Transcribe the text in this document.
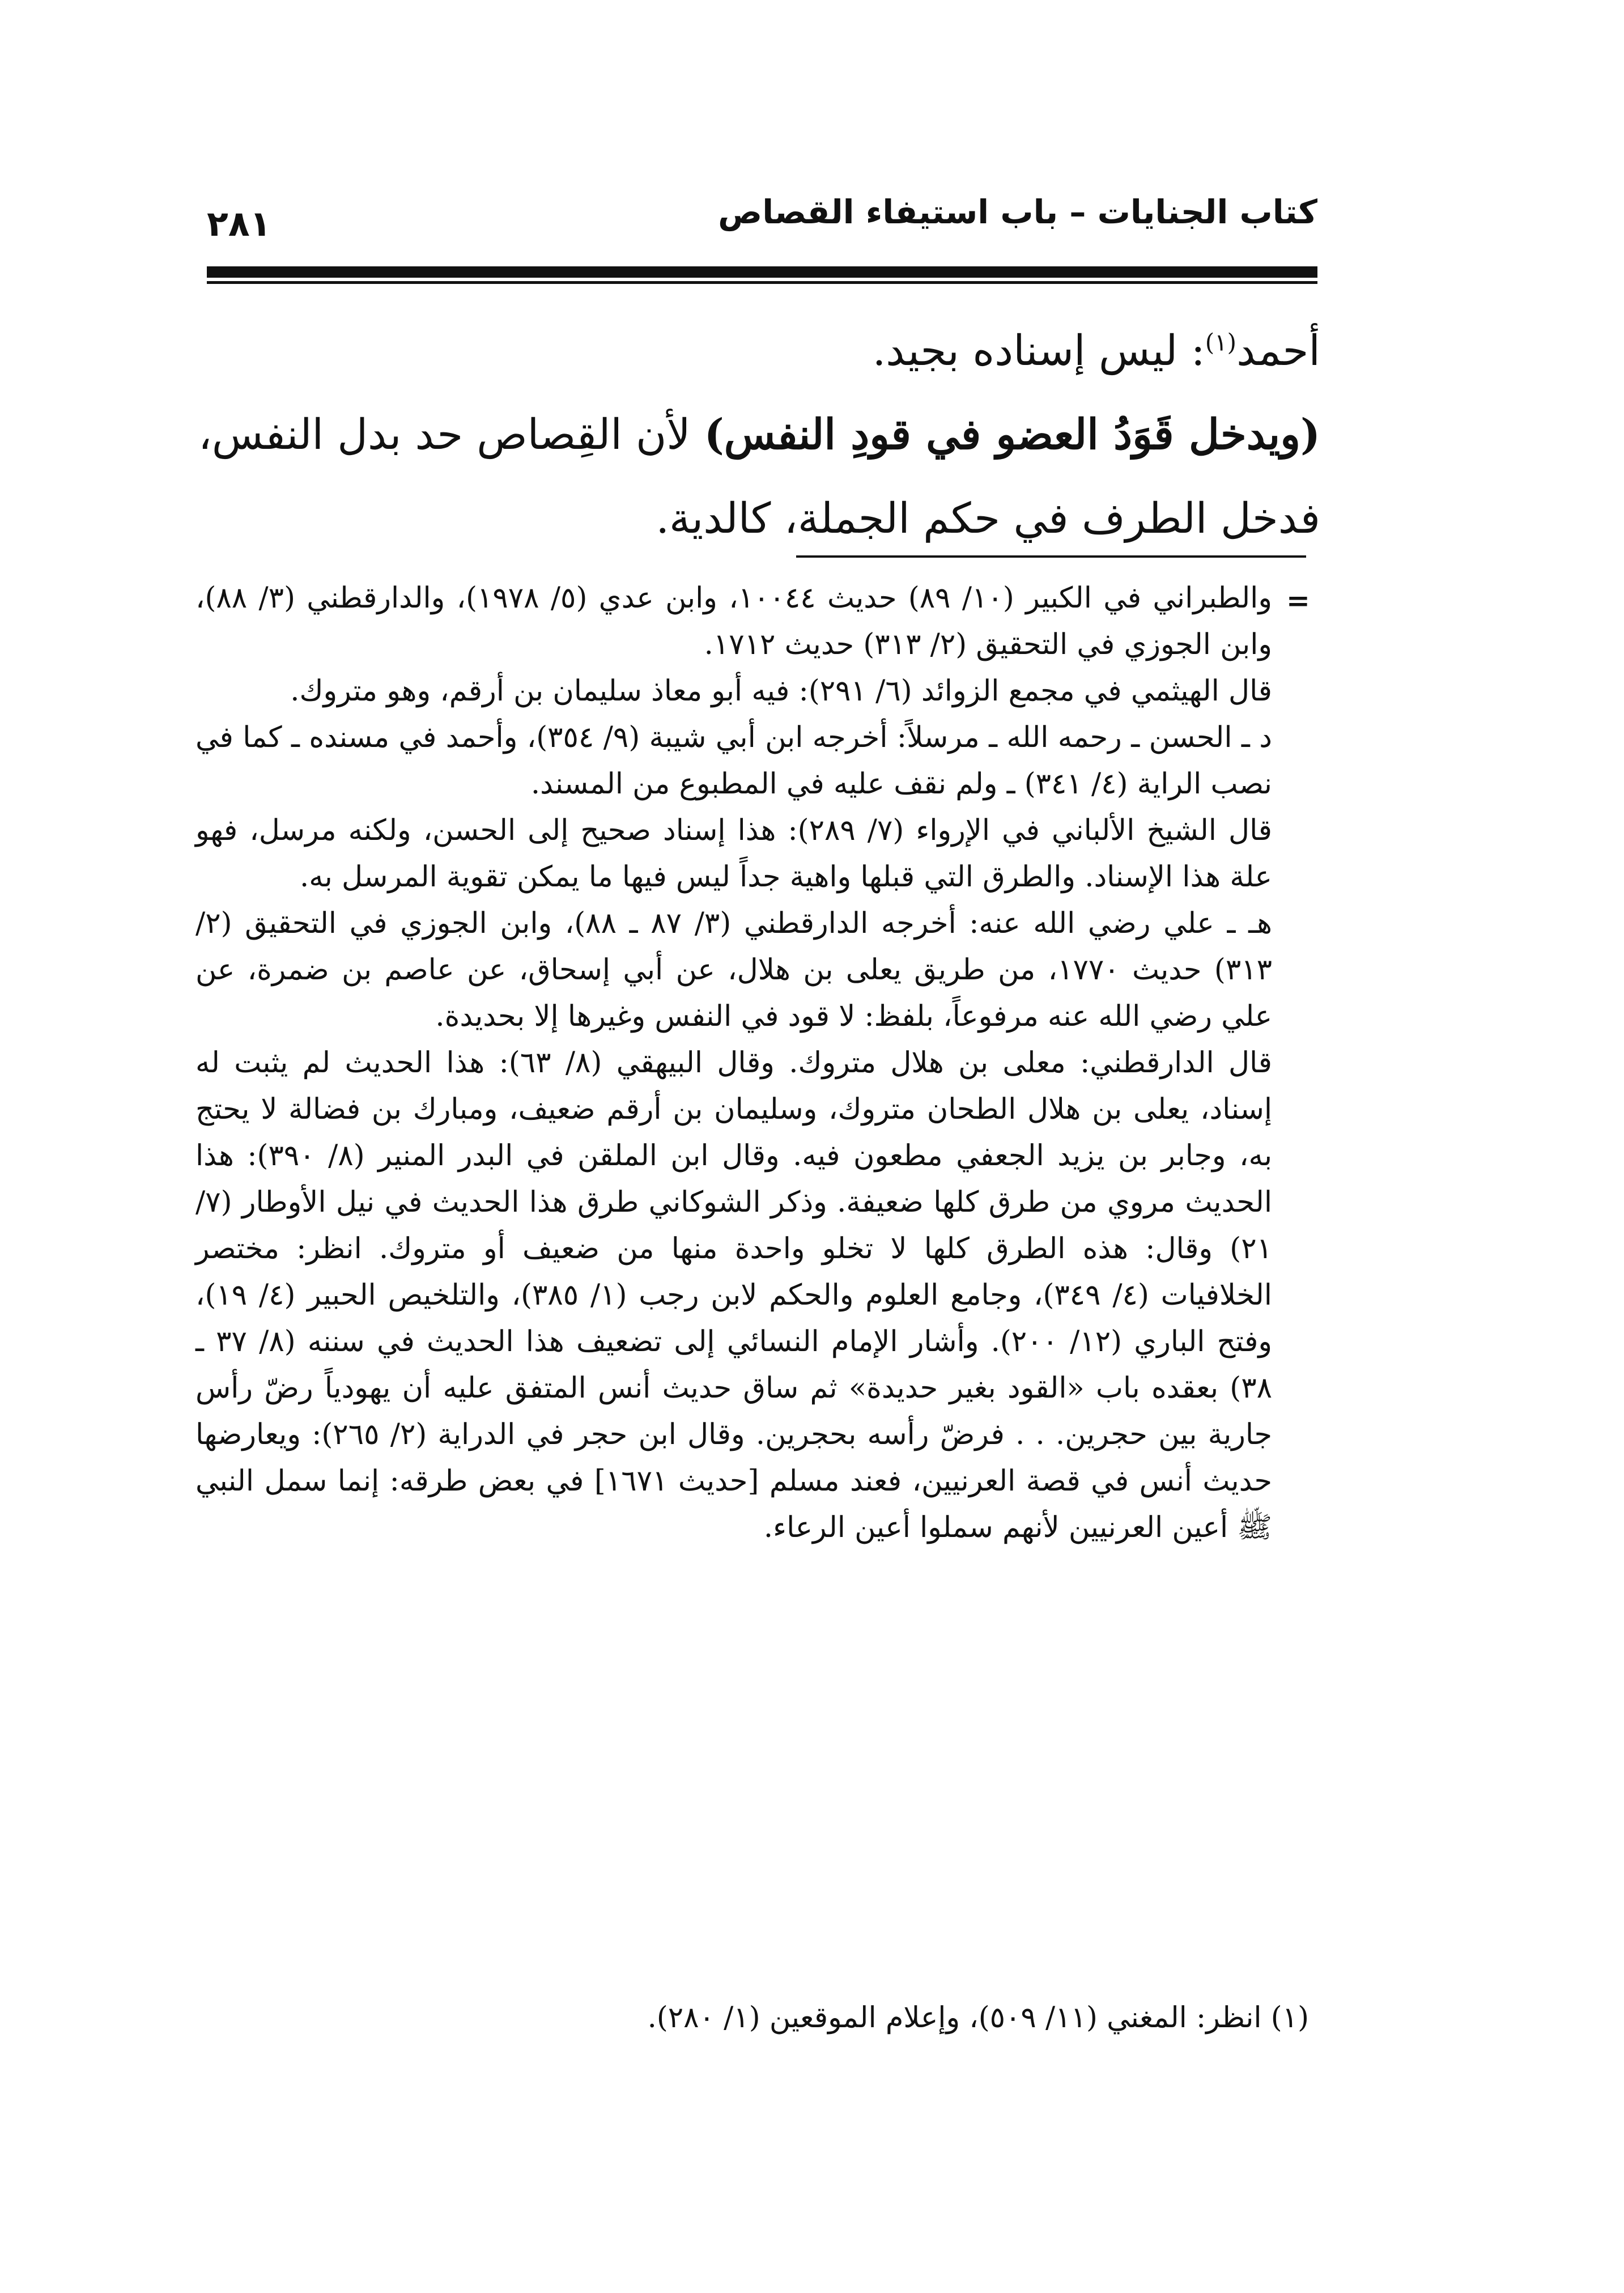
٢٨١	كتاب الجنايات – باب استيفاء القصاص

أحمد$^{(١)}$: ليس إسناده بجيد.

(ويدخل قَوَدُ العضو في قودِ النفس) لأن القِصاص حد بدل النفس، فدخل الطرف في حكم الجملة، كالدية.

=

والطبراني في الكبير (١٠/ ٨٩) حديث ١٠٠٤٤، وابن عدي (٥/ ١٩٧٨)، والدارقطني (٣/ ٨٨)، وابن الجوزي في التحقيق (٢/ ٣١٣) حديث ١٧١٢.

قال الهيثمي في مجمع الزوائد (٦/ ٢٩١): فيه أبو معاذ سليمان بن أرقم، وهو متروك.

د ـ الحسن ـ رحمه الله ـ مرسلاً: أخرجه ابن أبي شيبة (٩/ ٣٥٤)، وأحمد في مسنده ـ كما في نصب الراية (٤/ ٣٤١) ـ ولم نقف عليه في المطبوع من المسند.

قال الشيخ الألباني في الإرواء (٧/ ٢٨٩): هذا إسناد صحيح إلى الحسن، ولكنه مرسل، فهو علة هذا الإسناد. والطرق التي قبلها واهية جداً ليس فيها ما يمكن تقوية المرسل به.

هـ ـ علي رضي الله عنه: أخرجه الدارقطني (٣/ ٨٧ ـ ٨٨)، وابن الجوزي في التحقيق (٢/ ٣١٣) حديث ١٧٧٠، من طريق يعلى بن هلال، عن أبي إسحاق، عن عاصم بن ضمرة، عن علي رضي الله عنه مرفوعاً، بلفظ: لا قود في النفس وغيرها إلا بحديدة.

قال الدارقطني: معلى بن هلال متروك. وقال البيهقي (٨/ ٦٣): هذا الحديث لم يثبت له إسناد، يعلى بن هلال الطحان متروك، وسليمان بن أرقم ضعيف، ومبارك بن فضالة لا يحتج به، وجابر بن يزيد الجعفي مطعون فيه. وقال ابن الملقن في البدر المنير (٨/ ٣٩٠): هذا الحديث مروي من طرق كلها ضعيفة. وذكر الشوكاني طرق هذا الحديث في نيل الأوطار (٧/ ٢١) وقال: هذه الطرق كلها لا تخلو واحدة منها من ضعيف أو متروك. انظر: مختصر الخلافيات (٤/ ٣٤٩)، وجامع العلوم والحكم لابن رجب (١/ ٣٨٥)، والتلخيص الحبير (٤/ ١٩)، وفتح الباري (١٢/ ٢٠٠). وأشار الإمام النسائي إلى تضعيف هذا الحديث في سننه (٨/ ٣٧ ـ ٣٨) بعقده باب «القود بغير حديدة» ثم ساق حديث أنس المتفق عليه أن يهودياً رضّ رأس جارية بين حجرين. . . فرضّ رأسه بحجرين. وقال ابن حجر في الدراية (٢/ ٢٦٥): ويعارضها حديث أنس في قصة العرنيين، فعند مسلم [حديث ١٦٧١] في بعض طرقه: إنما سمل النبي ﷺ أعين العرنيين لأنهم سملوا أعين الرعاء.

(١) انظر: المغني (١١/ ٥٠٩)، وإعلام الموقعين (١/ ٢٨٠).
